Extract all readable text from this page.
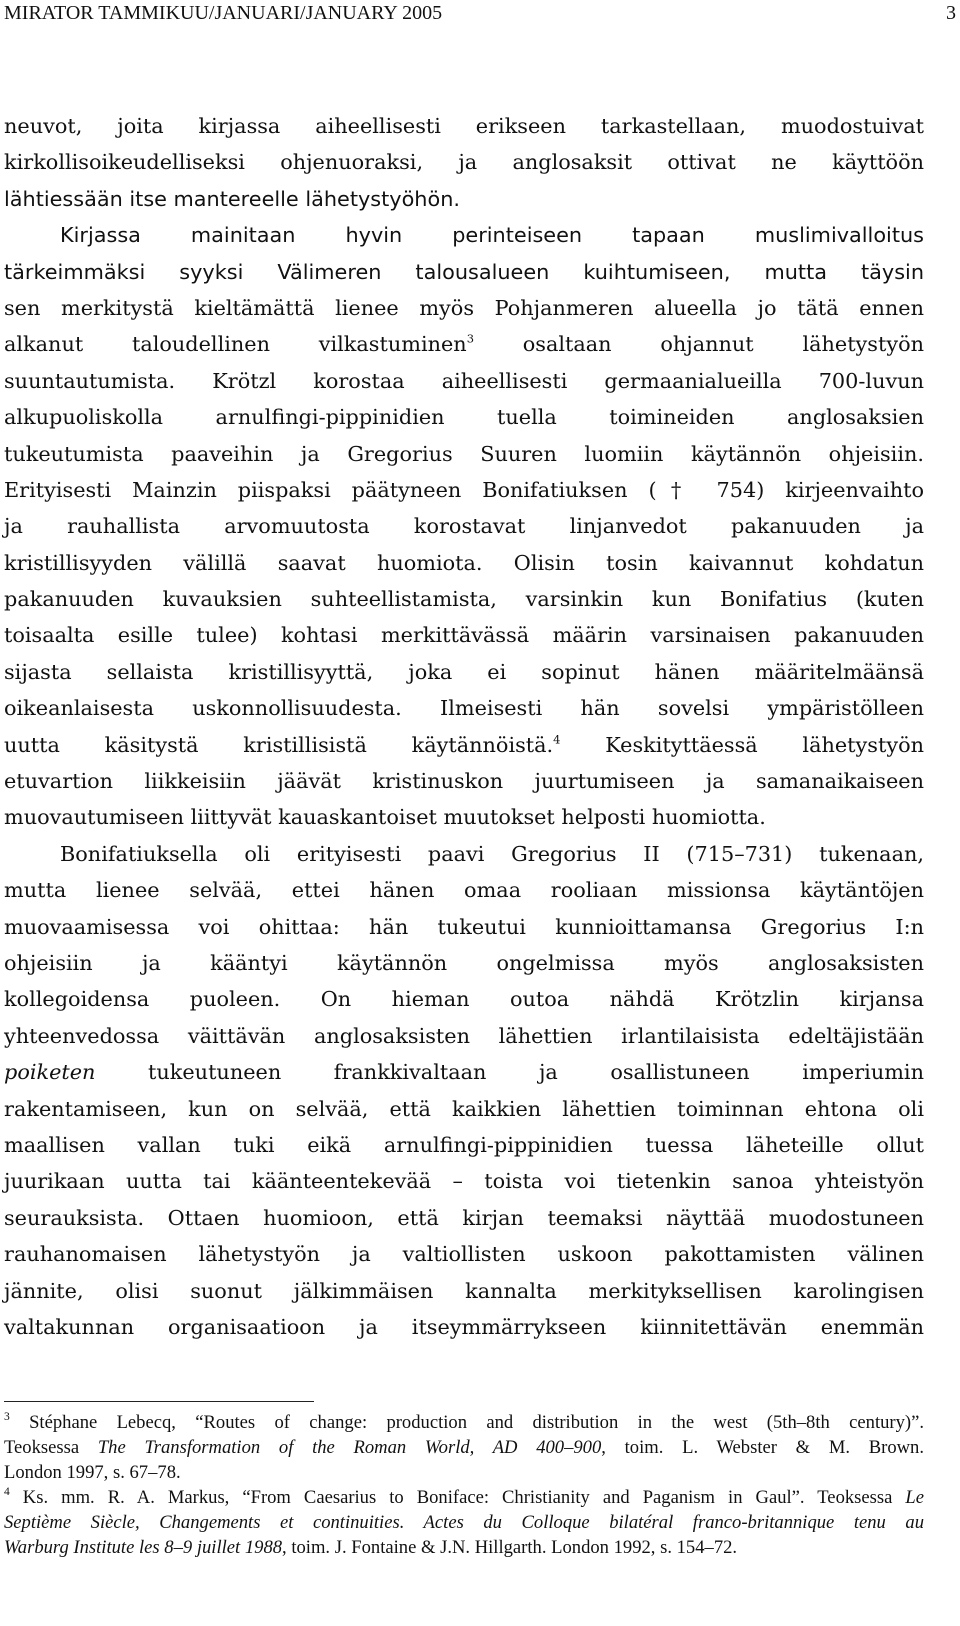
MIRATOR TAMMIKUU/JANUARI/JANUARY 2005	3
neuvot, joita kirjassa aiheellisesti erikseen tarkastellaan, muodostuivat
kirkollisoikeudelliseksi ohjenuoraksi, ja anglosaksit ottivat ne käyttöön
lähtiessään itse mantereelle lähetystyöhön.
Kirjassa mainitaan hyvin perinteiseen tapaan muslimivalloitus
tärkeimmäksi syyksi Välimeren talousalueen kuihtumiseen, mutta täysin
sen merkitystä kieltämättä lienee myös Pohjanmeren alueella jo tätä ennen
alkanut taloudellinen vilkastuminen$^3$ osaltaan ohjannut lähetystyön
suuntautumista. Krötzl korostaa aiheellisesti germaanialueilla 700-luvun
alkupuoliskolla arnulfingi-pippinidien tuella toimineiden anglosaksien
tukeutumista paaveihin ja Gregorius Suuren luomiin käytännön ohjeisiin.
Erityisesti Mainzin piispaksi päätyneen Bonifatiuksen († 754) kirjeenvaihto
ja rauhallista arvomuutosta korostavat linjanvedot pakanuuden ja
kristillisyyden välillä saavat huomiota. Olisin tosin kaivannut kohdatun
pakanuuden kuvauksien suhteellistamista, varsinkin kun Bonifatius (kuten
toisaalta esille tulee) kohtasi merkittävässä määrin varsinaisen pakanuuden
sijasta sellaista kristillisyyttä, joka ei sopinut hänen määritelmäänsä
oikeanlaisesta uskonnollisuudesta. Ilmeisesti hän sovelsi ympäristölleen
uutta käsitystä kristillisistä käytännöistä.$^4$ Keskityttäessä lähetystyön
etuvartion liikkeisiin jäävät kristinuskon juurtumiseen ja samanaikaiseen
muovautumiseen liittyvät kauaskantoiset muutokset helposti huomiotta.
Bonifatiuksella oli erityisesti paavi Gregorius II (715–731) tukenaan,
mutta lienee selvää, ettei hänen omaa rooliaan missionsa käytäntöjen
muovaamisessa voi ohittaa: hän tukeutui kunnioittamansa Gregorius I:n
ohjeisiin ja kääntyi käytännön ongelmissa myös anglosaksisten
kollegoidensa puoleen. On hieman outoa nähdä Krötzlin kirjansa
yhteenvedossa väittävän anglosaksisten lähettien irlantilaisista edeltäjistään
poiketen	tukeutuneen frankkivaltaan ja osallistuneen imperiumin
rakentamiseen, kun on selvää, että kaikkien lähettien toiminnan ehtona oli
maallisen vallan tuki eikä arnulfingi-pippinidien tuessa läheteille ollut
juurikaan uutta tai käänteentekevää – toista voi tietenkin sanoa yhteistyön
seurauksista. Ottaen huomioon, että kirjan teemaksi näyttää muodostuneen
rauhanomaisen lähetystyön ja valtiollisten uskoon pakottamisten välinen
jännite, olisi suonut jälkimmäisen kannalta merkityksellisen karolingisen
valtakunnan organisaatioon ja itseymmärrykseen kiinnitettävän enemmän
$^3$ Stéphane Lebecq, “Routes of change: production and distribution in the west (5th–8th century)”.
Teoksessa The Transformation of the Roman World, AD 400–900, toim. L. Webster & M. Brown.
London 1997, s. 67–78.
$^4$ Ks. mm. R. A. Markus, “From Caesarius to Boniface: Christianity and Paganism in Gaul”. Teoksessa Le
Septième Siècle, Changements et continuities. Actes du Colloque bilatéral franco-britannique tenu au
Warburg Institute les 8–9 juillet 1988, toim. J. Fontaine & J.N. Hillgarth. London 1992, s. 154–72.
